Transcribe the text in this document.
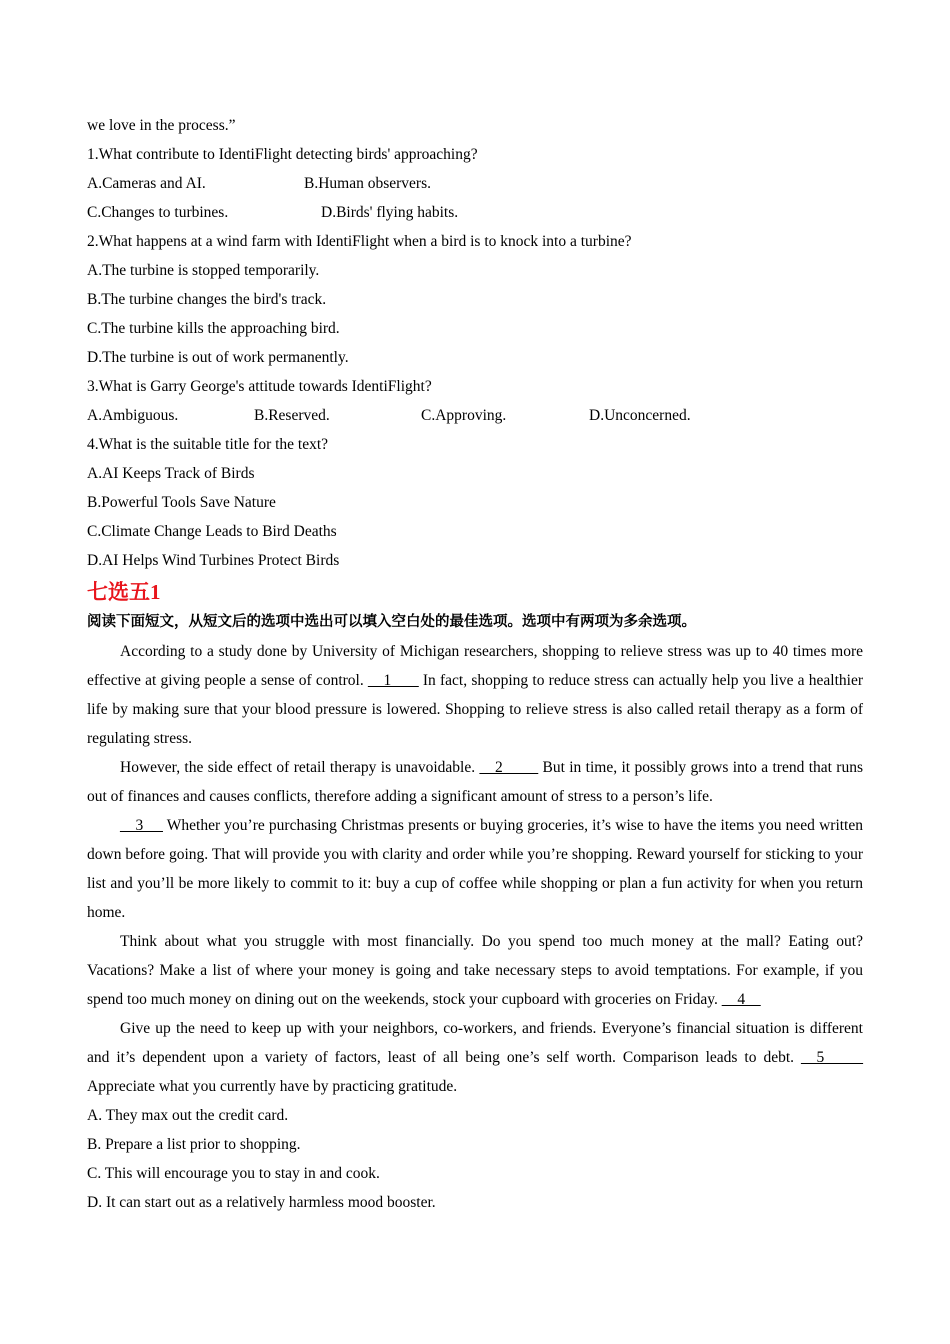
we love in the process.”
1.What contribute to IdentiFlight detecting birds' approaching?
A.Cameras and AI.	B.Human observers.
C.Changes to turbines.	D.Birds' flying habits.
2.What happens at a wind farm with IdentiFlight when a bird is to knock into a turbine?
A.The turbine is stopped temporarily.
B.The turbine changes the bird's track.
C.The turbine kills the approaching bird.
D.The turbine is out of work permanently.
3.What is Garry George's attitude towards IdentiFlight?
A.Ambiguous.	B.Reserved.	C.Approving.	D.Unconcerned.
4.What is the suitable title for the text?
A.AI Keeps Track of Birds
B.Powerful Tools Save Nature
C.Climate Change Leads to Bird Deaths
D.AI Helps Wind Turbines Protect Birds
七选五1
阅读下面短文，从短文后的选项中选出可以填入空白处的最佳选项。选项中有两项为多余选项。

According to a study done by University of Michigan researchers, shopping to relieve stress was up to 40 times more effective at giving people a sense of control. __1_ __ In fact, shopping to reduce stress can actually help you live a healthier life by making sure that your blood pressure is lowered. Shopping to relieve stress is also called retail therapy as a form of regulating stress.

However, the side effect of retail therapy is unavoidable. __2__ __ But in time, it possibly grows into a trend that runs out of finances and causes conflicts, therefore adding a significant amount of stress to a person’s life.

__3 __ Whether you’re purchasing Christmas presents or buying groceries, it’s wise to have the items you need written down before going. That will provide you with clarity and order while you’re shopping. Reward yourself for sticking to your list and you’ll be more likely to commit to it: buy a cup of coffee while shopping or plan a fun activity for when you return home.

Think about what you struggle with most financially. Do you spend too much money at the mall? Eating out? Vacations? Make a list of where your money is going and take necessary steps to avoid temptations. For example, if you spend too much money on dining out on the weekends, stock your cupboard with groceries on Friday. __4__

Give up the need to keep up with your neighbors, co-workers, and friends. Everyone’s financial situation is different and it’s dependent upon a variety of factors, least of all being one’s self worth. Comparison leads to debt. __5_____ Appreciate what you currently have by practicing gratitude.

A. They max out the credit card.
B. Prepare a list prior to shopping.
C. This will encourage you to stay in and cook.
D. It can start out as a relatively harmless mood booster.
